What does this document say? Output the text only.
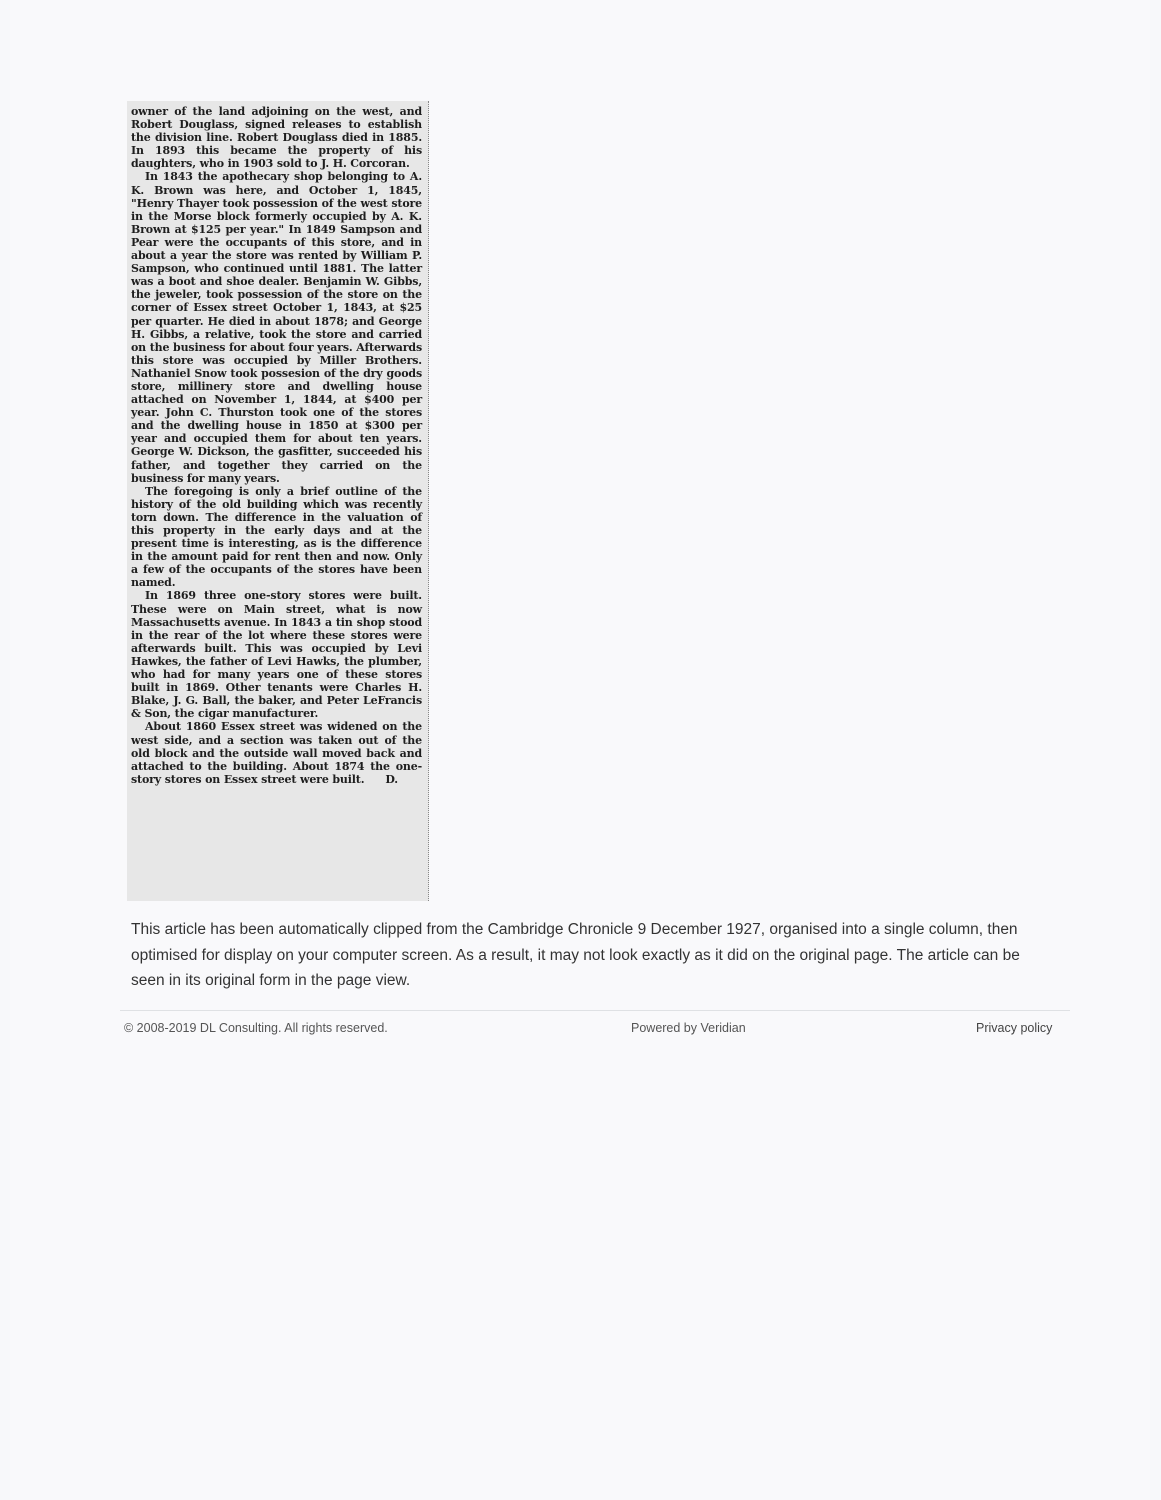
owner of the land adjoining on the west, and Robert Douglass, signed releases to establish the division line. Robert Douglass died in 1885. In 1893 this became the property of his daughters, who in 1903 sold to J. H. Corcoran.

In 1843 the apothecary shop belonging to A. K. Brown was here, and October 1, 1845, "Henry Thayer took possession of the west store in the Morse block formerly occupied by A. K. Brown at $125 per year." In 1849 Sampson and Pear were the occupants of this store, and in about a year the store was rented by William P. Sampson, who continued until 1881. The latter was a boot and shoe dealer. Benjamin W. Gibbs, the jeweler, took possession of the store on the corner of Essex street October 1, 1843, at $25 per quarter. He died in about 1878; and George H. Gibbs, a relative, took the store and carried on the business for about four years. Afterwards this store was occupied by Miller Brothers. Nathaniel Snow took possesion of the dry goods store, millinery store and dwelling house attached on November 1, 1844, at $400 per year. John C. Thurston took one of the stores and the dwelling house in 1850 at $300 per year and occupied them for about ten years. George W. Dickson, the gasfitter, succeeded his father, and together they carried on the business for many years.

The foregoing is only a brief outline of the history of the old building which was recently torn down. The difference in the valuation of this property in the early days and at the present time is interesting, as is the difference in the amount paid for rent then and now. Only a few of the occupants of the stores have been named.

In 1869 three one-story stores were built. These were on Main street, what is now Massachusetts avenue. In 1843 a tin shop stood in the rear of the lot where these stores were afterwards built. This was occupied by Levi Hawkes, the father of Levi Hawks, the plumber, who had for many years one of these stores built in 1869. Other tenants were Charles H. Blake, J. G. Ball, the baker, and Peter LeFrancis & Son, the cigar manufacturer.

About 1860 Essex street was widened on the west side, and a section was taken out of the old block and the outside wall moved back and attached to the building. About 1874 the one-story stores on Essex street were built.	D.

This article has been automatically clipped from the Cambridge Chronicle 9 December 1927, organised into a single column, then optimised for display on your computer screen. As a result, it may not look exactly as it did on the original page. The article can be seen in its original form in the page view.
© 2008-2019 DL Consulting. All rights reserved.	Powered by Veridian	Privacy policy
